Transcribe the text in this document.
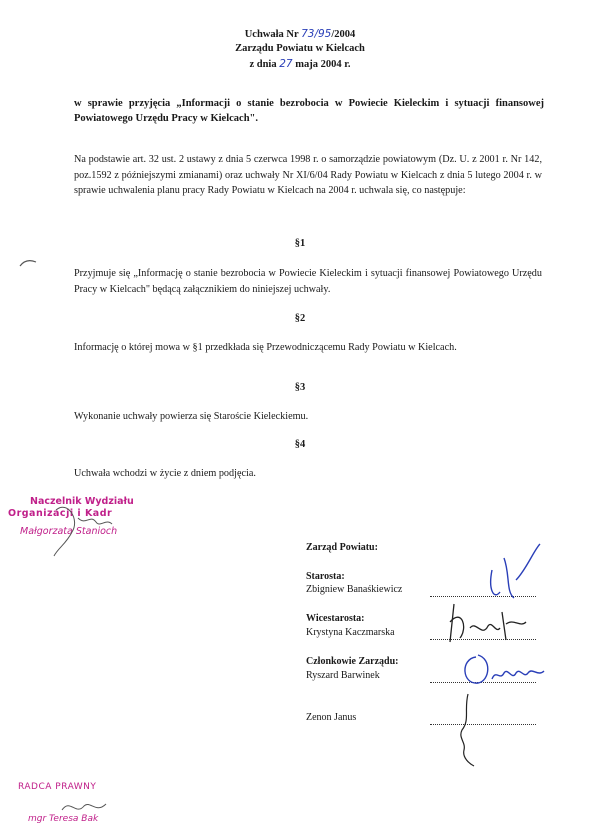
Uchwała Nr 73/95/2004
Zarządu Powiatu w Kielcach
z dnia 27 maja 2004 r.
w sprawie przyjęcia „Informacji o stanie bezrobocia w Powiecie Kieleckim i sytuacji finansowej Powiatowego Urzędu Pracy w Kielcach".
Na podstawie art. 32 ust. 2 ustawy z dnia 5 czerwca 1998 r. o samorządzie powiatowym (Dz. U. z 2001 r. Nr 142, poz.1592 z późniejszymi zmianami) oraz uchwały Nr XI/6/04 Rady Powiatu w Kielcach z dnia 5 lutego 2004 r. w sprawie uchwalenia planu pracy Rady Powiatu w Kielcach na 2004 r. uchwala się, co następuje:
§1
Przyjmuje się „Informację o stanie bezrobocia w Powiecie Kieleckim i sytuacji finansowej Powiatowego Urzędu Pracy w Kielcach" będącą załącznikiem do niniejszej uchwały.
§2
Informację o której mowa w §1 przedkłada się Przewodniczącemu Rady Powiatu w Kielcach.
§3
Wykonanie uchwały powierza się Staroście Kieleckiemu.
§4
Uchwała wchodzi w życie z dniem podjęcia.
Naczelnik Wydziału
Organizacji i Kadr
Małgorzata Stanioch
Zarząd Powiatu:
Starosta:
Zbigniew Banaśkiewicz
Wicestarosta:
Krystyna Kaczmarska
Członkowie Zarządu:
Ryszard Barwinek
Zenon Janus
RADCA PRAWNY
mgr Teresa Bak
